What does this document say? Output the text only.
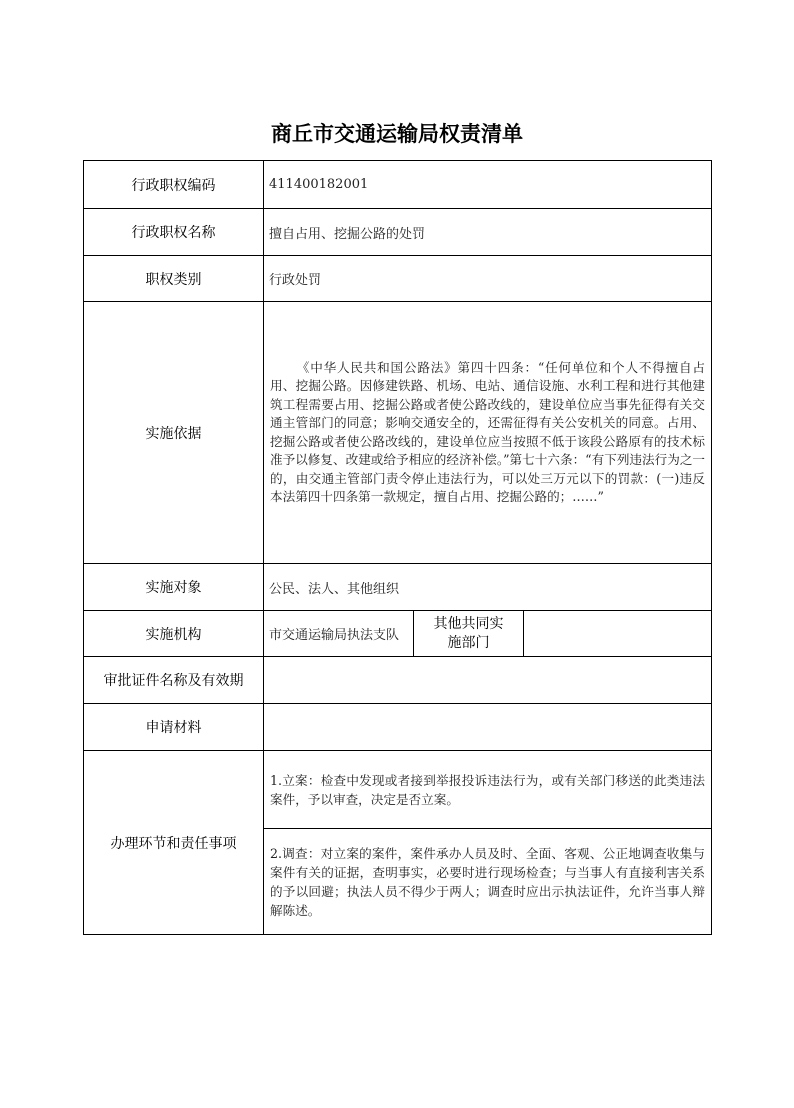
商丘市交通运输局权责清单
行政职权编码	411400182001		
行政职权名称	擅自占用、挖掘公路的处罚		
职权类别	行政处罚		
实施依据	《中华人民共和国公路法》第四十四条：“任何单位和个人不得擅自占用、挖掘公路。因修建铁路、机场、电站、通信设施、水利工程和进行其他建筑工程需要占用、挖掘公路或者使公路改线的，建设单位应当事先征得有关交通主管部门的同意；影响交通安全的，还需征得有关公安机关的同意。占用、挖掘公路或者使公路改线的，建设单位应当按照不低于该段公路原有的技术标准予以修复、改建或给予相应的经济补偿。”第七十六条：“有下列违法行为之一的，由交通主管部门责令停止违法行为，可以处三万元以下的罚款：(一)违反本法第四十四条第一款规定，擅自占用、挖掘公路的；……”		
实施对象	公民、法人、其他组织		
实施机构	市交通运输局执法支队	其他共同实施部门	
审批证件名称及有效期			
申请材料			
办理环节和责任事项	1.立案：检查中发现或者接到举报投诉违法行为，或有关部门移送的此类违法案件，予以审查，决定是否立案。		
	2.调查：对立案的案件，案件承办人员及时、全面、客观、公正地调查收集与案件有关的证据，查明事实，必要时进行现场检查；与当事人有直接利害关系的予以回避；执法人员不得少于两人；调查时应出示执法证件，允许当事人辩解陈述。		
